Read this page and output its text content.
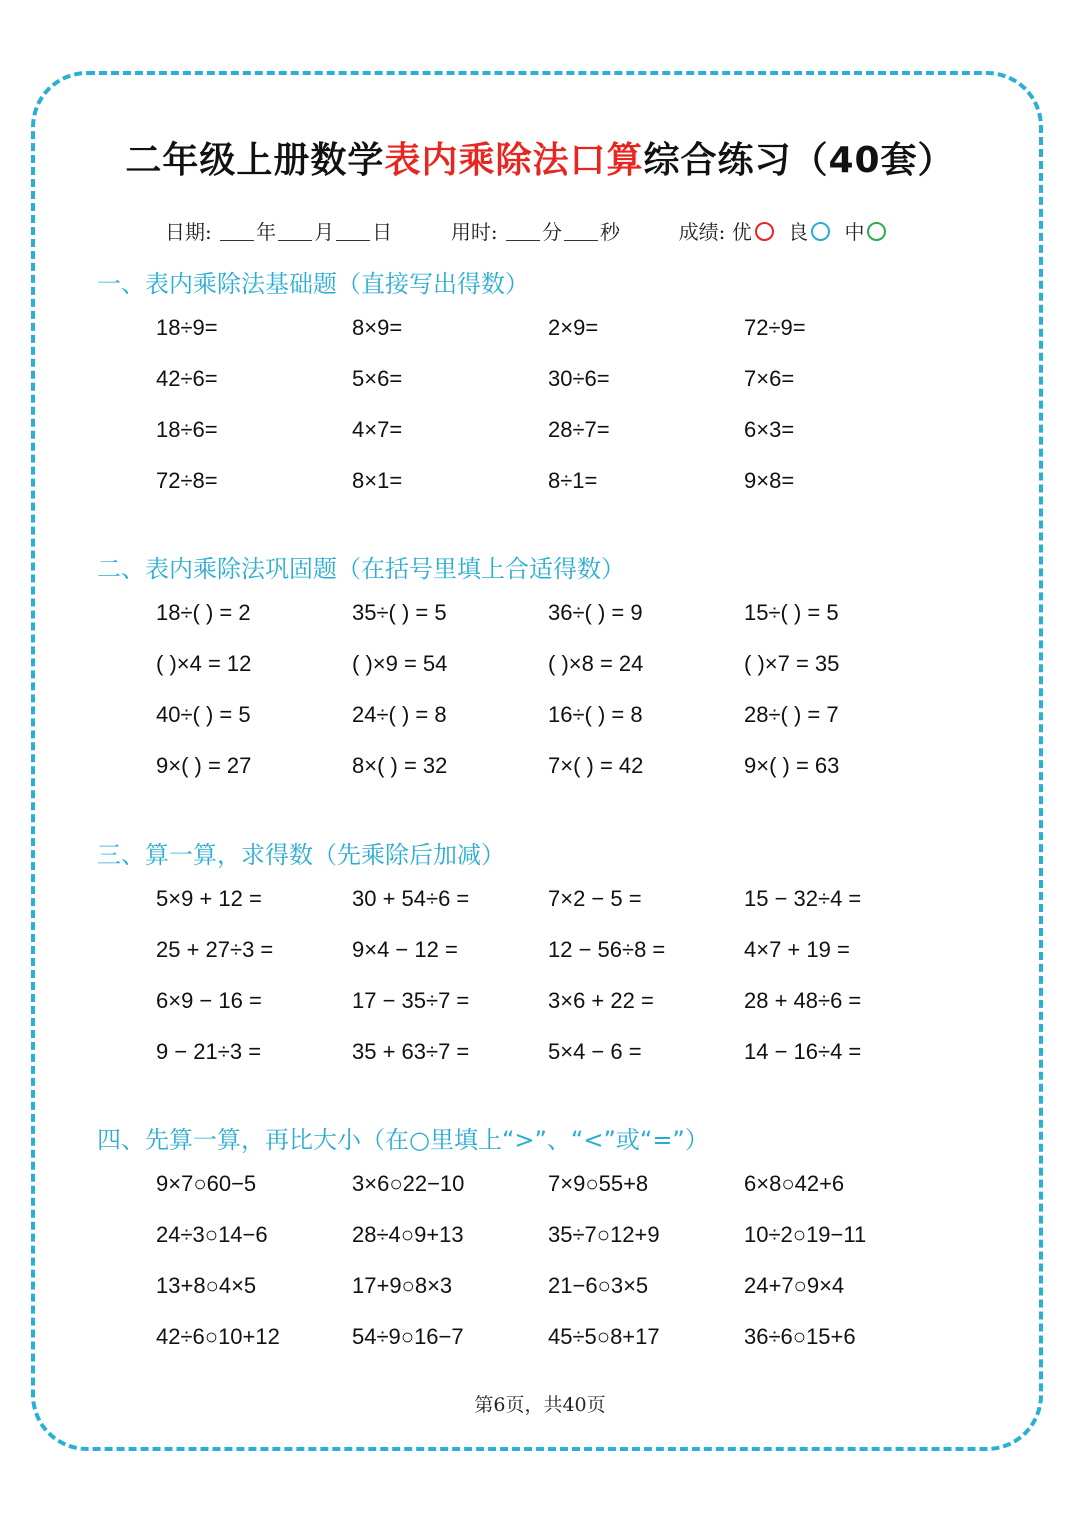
二年级上册数学表内乘除法口算综合练习（40套）
日期: 年 月 日	用时: 分 秒	成绩: 优 良 中
一、表内乘除法基础题（直接写出得数）
18÷9=	8×9=	2×9=	72÷9=
42÷6=	5×6=	30÷6=	7×6=
18÷6=	4×7=	28÷7=	6×3=
72÷8=	8×1=	8÷1=	9×8=
二、表内乘除法巩固题（在括号里填上合适得数）
18÷( ) = 2	35÷( ) = 5	36÷( ) = 9	15÷( ) = 5
( )×4 = 12	( )×9 = 54	( )×8 = 24	( )×7 = 35
40÷( ) = 5	24÷( ) = 8	16÷( ) = 8	28÷( ) = 7
9×( ) = 27	8×( ) = 32	7×( ) = 42	9×( ) = 63
三、算一算，求得数（先乘除后加减）
5×9 + 12 =	30 + 54÷6 =	7×2 − 5 =	15 − 32÷4 =
25 + 27÷3 =	9×4 − 12 =	12 − 56÷8 =	4×7 + 19 =
6×9 − 16 =	17 − 35÷7 =	3×6 + 22 =	28 + 48÷6 =
9 − 21÷3 =	35 + 63÷7 =	5×4 − 6 =	14 − 16÷4 =
四、先算一算，再比大小（在○里填上“>”、“<”或“=”）
9×7○60−5	3×6○22−10	7×9○55+8	6×8○42+6
24÷3○14−6	28÷4○9+13	35÷7○12+9	10÷2○19−11
13+8○4×5	17+9○8×3	21−6○3×5	24+7○9×4
42÷6○10+12	54÷9○16−7	45÷5○8+17	36÷6○15+6
第6页，共40页
